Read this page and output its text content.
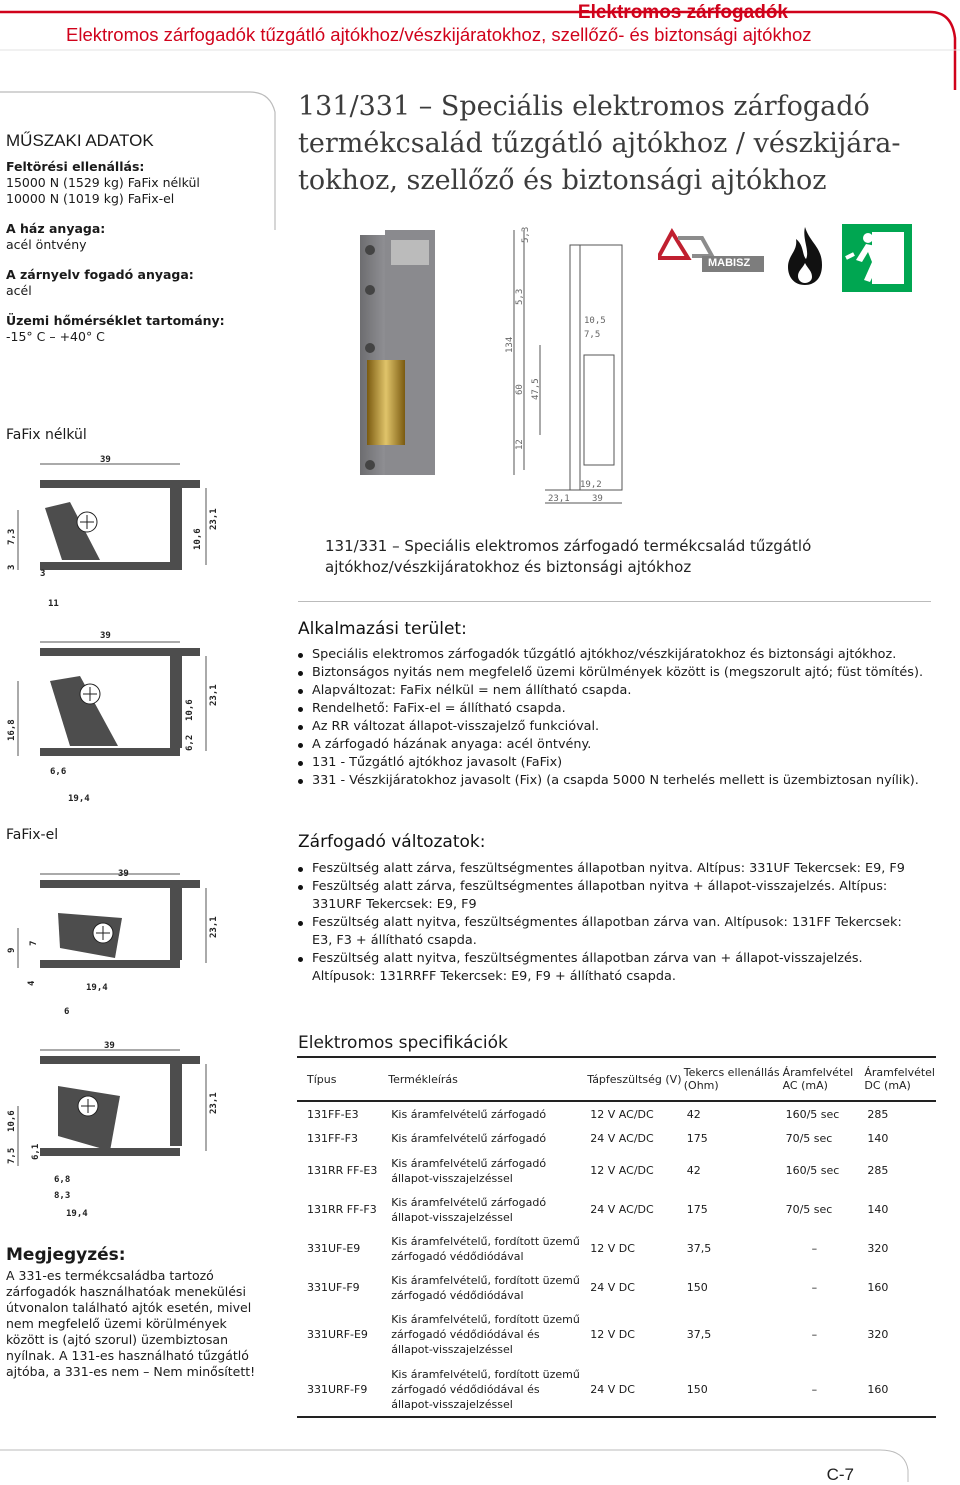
Elektromos zárfogadók
Elektromos zárfogadók tűzgátló ajtókhoz/vészkijáratokhoz, szellőző- és biztonsági ajtókhoz
MŰSZAKI ADATOK
Feltörési ellenállás:
15000 N (1529 kg) FaFix nélkül
10000 N (1019 kg) FaFix-el
A ház anyaga:
acél öntvény
A zárnyelv fogadó anyaga:
acél
Üzemi hőmérséklet tartomány:
-15° C – +40° C
131/331 – Speciális elektromos zárfogadó termékcsalád tűzgátló ajtókhoz / vészkijára-tokhoz, szellőző és biztonsági ajtókhoz
5,3
5,3
134
60 47,5
12
10,5
7,5
19,2
23,1 39
MABISZ
FaFix nélkül
FaFix-el
39
7,3
3
3
10,6
23,1
11
39
16,8
6,6
6,2
10,6
23,1
19,4
39
9
7
4
23,1
19,4
6
39
7,5
10,6
6,1
23,1
6,8
8,3
19,4
131/331 – Speciális elektromos zárfogadó termékcsalád tűzgátló ajtókhoz/vészkijáratokhoz és biztonsági ajtókhoz
Alkalmazási terület:
Speciális elektromos zárfogadók tűzgátló ajtókhoz/vészkijáratokhoz és biztonsági ajtókhoz.
Biztonságos nyitás nem megfelelő üzemi körülmények között is (megszorult ajtó; füst tömítés).
Alapváltozat: FaFix nélkül = nem állítható csapda.
Rendelhető: FaFix-el = állítható csapda.
Az RR változat állapot-visszajelző funkcióval.
A zárfogadó házának anyaga: acél öntvény.
131 - Tűzgátló ajtókhoz javasolt (FaFix)
331 - Vészkijáratokhoz javasolt (Fix) (a csapda 5000 N terhelés mellett is üzembiztosan nyílik).
Zárfogadó változatok:
Feszültség alatt zárva, feszültségmentes állapotban nyitva. Altípus: 331UF Tekercsek: E9, F9
Feszültség alatt zárva, feszültségmentes állapotban nyitva + állapot-visszajelzés. Altípus: 331URF Tekercsek: E9, F9
Feszültség alatt nyitva, feszültségmentes állapotban zárva van. Altípusok: 131FF Tekercsek: E3, F3 + állítható csapda.
Feszültség alatt nyitva, feszültségmentes állapotban zárva van + állapot-visszajelzés. Altípusok: 131RRFF Tekercsek: E9, F9 + állítható csapda.
Elektromos specifikációk
Típus	Termékleírás	Tápfeszültség (V)	Tekercs ellenállás (Ohm)	Áramfelvétel AC (mA)	Áramfelvétel DC (mA)
131FF-E3	Kis áramfelvételű zárfogadó	12 V AC/DC	42	160/5 sec	285
131FF-F3	Kis áramfelvételű zárfogadó	24 V AC/DC	175	70/5 sec	140
131RR FF-E3	Kis áramfelvételű zárfogadó állapot-visszajelzéssel	12 V AC/DC	42	160/5 sec	285
131RR FF-F3	Kis áramfelvételű zárfogadó állapot-visszajelzéssel	24 V AC/DC	175	70/5 sec	140
331UF-E9	Kis áramfelvételű, fordított üzemű zárfogadó védődiódával	12 V DC	37,5	–	320
331UF-F9	Kis áramfelvételű, fordított üzemű zárfogadó védődiódával	24 V DC	150	–	160
331URF-E9	Kis áramfelvételű, fordított üzemű zárfogadó védődiódával és állapot-visszajelzéssel	12 V DC	37,5	–	320
331URF-F9	Kis áramfelvételű, fordított üzemű zárfogadó védődiódával és állapot-visszajelzéssel	24 V DC	150	–	160
Megjegyzés:
A 331-es termékcsaládba tartozó zárfogadók használhatóak menekülési útvonalon található ajtók esetén, mivel nem megfelelő üzemi körülmények között is (ajtó szorul) üzembiztosan nyílnak. A 131-es használható tűzgátló ajtóba, a 331-es nem – Nem minősített!
C-7
